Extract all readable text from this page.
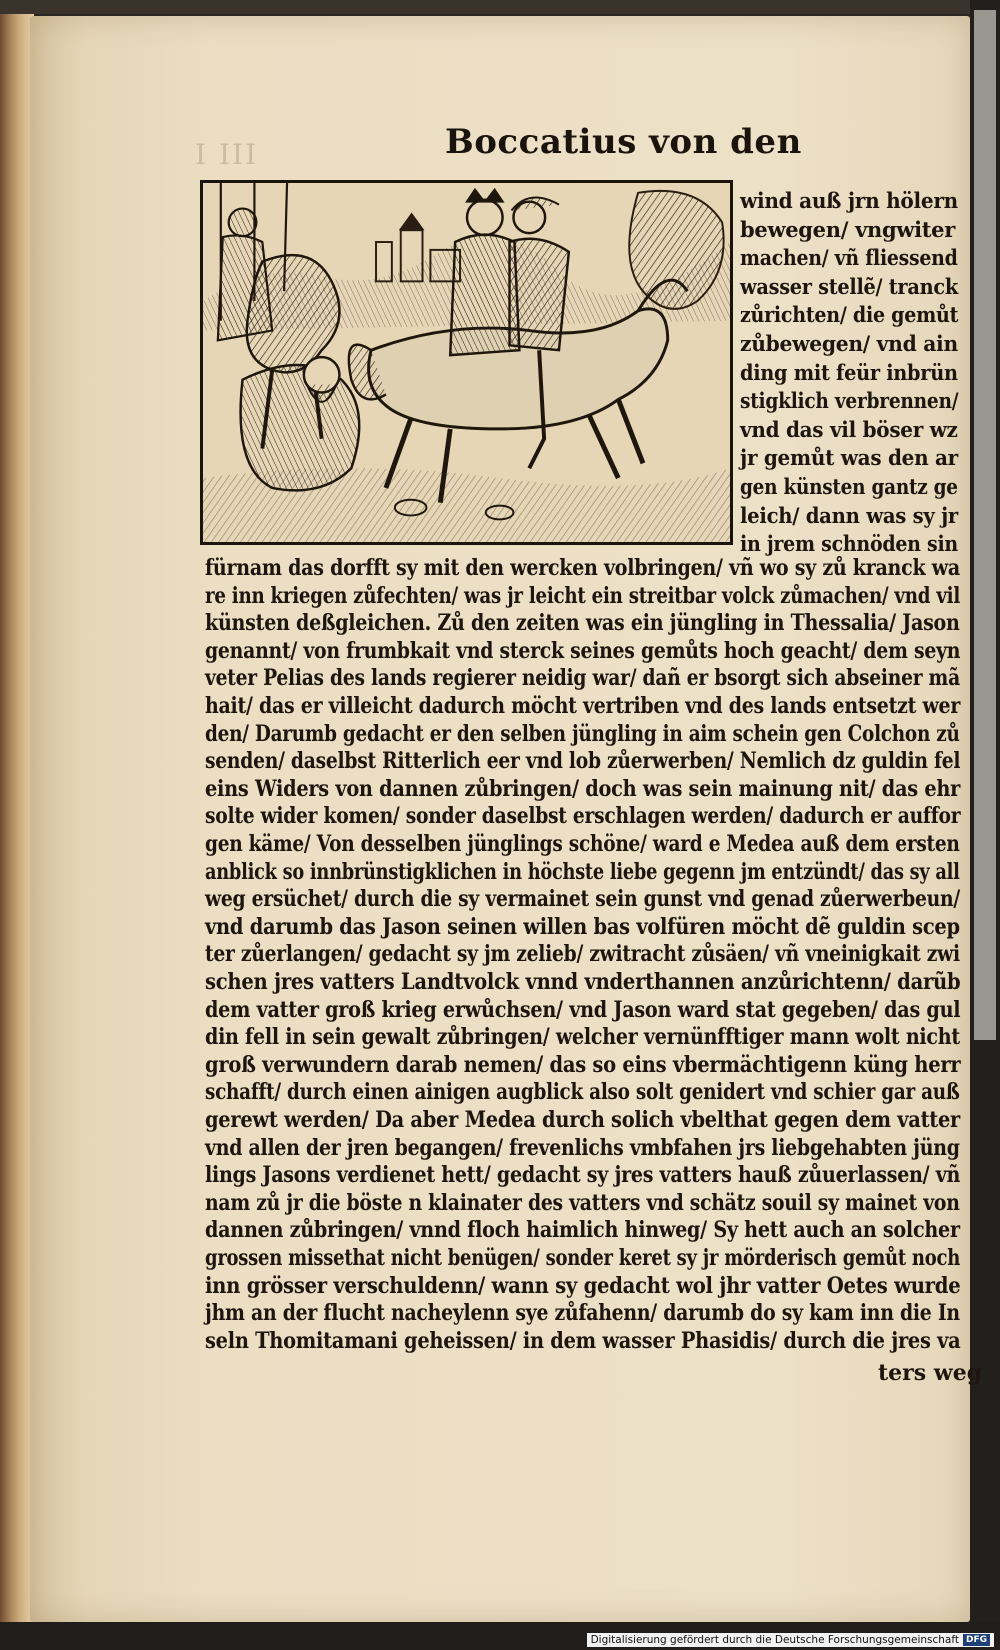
I III	Boccatius von den
wind auß jrn hölern
bewegen/ vngwiter
machen/ vñ fliessend
wasser stellẽ/ tranck
zůrichten/ die gemůt
zůbewegen/ vnd ain
ding mit feür inbrün
stigklich verbrennen/
vnd das vil böser wz
jr gemůt was den ar
gen künsten gantz ge
leich/ dann was sy jr
in jrem schnöden sin
fürnam das dorfft sy mit den wercken volbringen/ vñ wo sy zů kranck wa
re inn kriegen zůfechten/ was jr leicht ein streitbar volck zůmachen/ vnd vil
künsten deßgleichen. Zů den zeiten was ein jüngling in Thessalia/ Jason
genannt/ von frumbkait vnd sterck seines gemůts hoch geacht/ dem seyn
veter Pelias des lands regierer neidig war/ dañ er bsorgt sich abseiner mã
hait/ das er villeicht dadurch möcht vertriben vnd des lands entsetzt wer
den/ Darumb gedacht er den selben jüngling in aim schein gen Colchon zů
senden/ daselbst Ritterlich eer vnd lob zůerwerben/ Nemlich dz guldin fel
eins Widers von dannen zůbringen/ doch was sein mainung nit/ das ehr
solte wider komen/ sonder daselbst erschlagen werden/ dadurch er auffor
gen käme/ Von desselben jünglings schöne/ ward e Medea auß dem ersten
anblick so innbrünstigklichen in höchste liebe gegenn jm entzündt/ das sy all
weg ersüchet/ durch die sy vermainet sein gunst vnd genad zůerwerbeun/
vnd darumb das Jason seinen willen bas volfüren möcht dẽ guldin scep
ter zůerlangen/ gedacht sy jm zelieb/ zwitracht zůsäen/ vñ vneinigkait zwi
schen jres vatters Landtvolck vnnd vnderthannen anzůrichtenn/ darũb
dem vatter groß krieg erwůchsen/ vnd Jason ward stat gegeben/ das gul
din fell in sein gewalt zůbringen/ welcher vernünfftiger mann wolt nicht
groß verwundern darab nemen/ das so eins vbermächtigenn küng herr
schafft/ durch einen ainigen augblick also solt genidert vnd schier gar auß
gerewt werden/ Da aber Medea durch solich vbelthat gegen dem vatter
vnd allen der jren begangen/ frevenlichs vmbfahen jrs liebgehabten jüng
lings Jasons verdienet hett/ gedacht sy jres vatters hauß zůuerlassen/ vñ
nam zů jr die böste n klainater des vatters vnd schätz souil sy mainet von
dannen zůbringen/ vnnd floch haimlich hinweg/ Sy hett auch an solcher
grossen missethat nicht benügen/ sonder keret sy jr mörderisch gemůt noch
inn grösser verschuldenn/ wann sy gedacht wol jhr vatter Oetes wurde
jhm an der flucht nacheylenn sye zůfahenn/ darumb do sy kam inn die In
seln Thomitamani geheissen/ in dem wasser Phasidis/ durch die jres va
ters weg
Digitalisierung gefördert durch die Deutsche Forschungsgemeinschaft DFG
